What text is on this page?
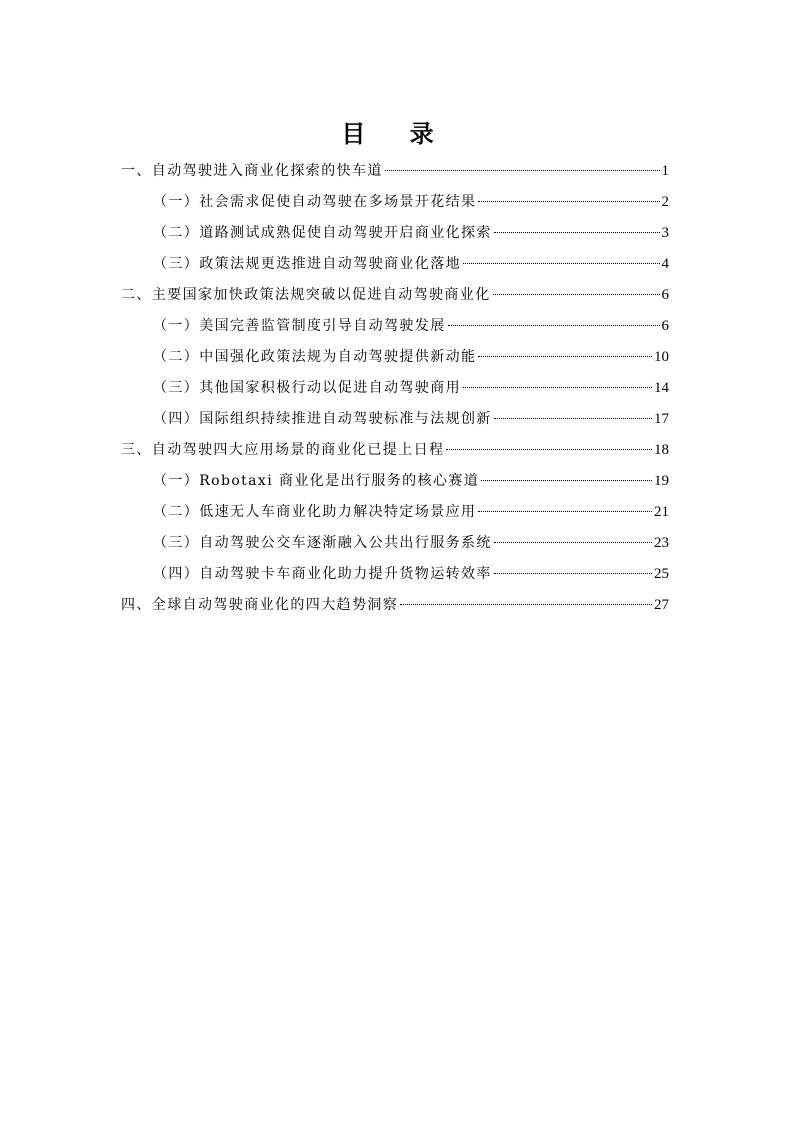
目 录
一、自动驾驶进入商业化探索的快车道	1
（一）社会需求促使自动驾驶在多场景开花结果	2
（二）道路测试成熟促使自动驾驶开启商业化探索	3
（三）政策法规更迭推进自动驾驶商业化落地	4
二、主要国家加快政策法规突破以促进自动驾驶商业化	6
（一）美国完善监管制度引导自动驾驶发展	6
（二）中国强化政策法规为自动驾驶提供新动能	10
（三）其他国家积极行动以促进自动驾驶商用	14
（四）国际组织持续推进自动驾驶标准与法规创新	17
三、自动驾驶四大应用场景的商业化已提上日程	18
（一）Robotaxi 商业化是出行服务的核心赛道	19
（二）低速无人车商业化助力解决特定场景应用	21
（三）自动驾驶公交车逐渐融入公共出行服务系统	23
（四）自动驾驶卡车商业化助力提升货物运转效率	25
四、全球自动驾驶商业化的四大趋势洞察	27
